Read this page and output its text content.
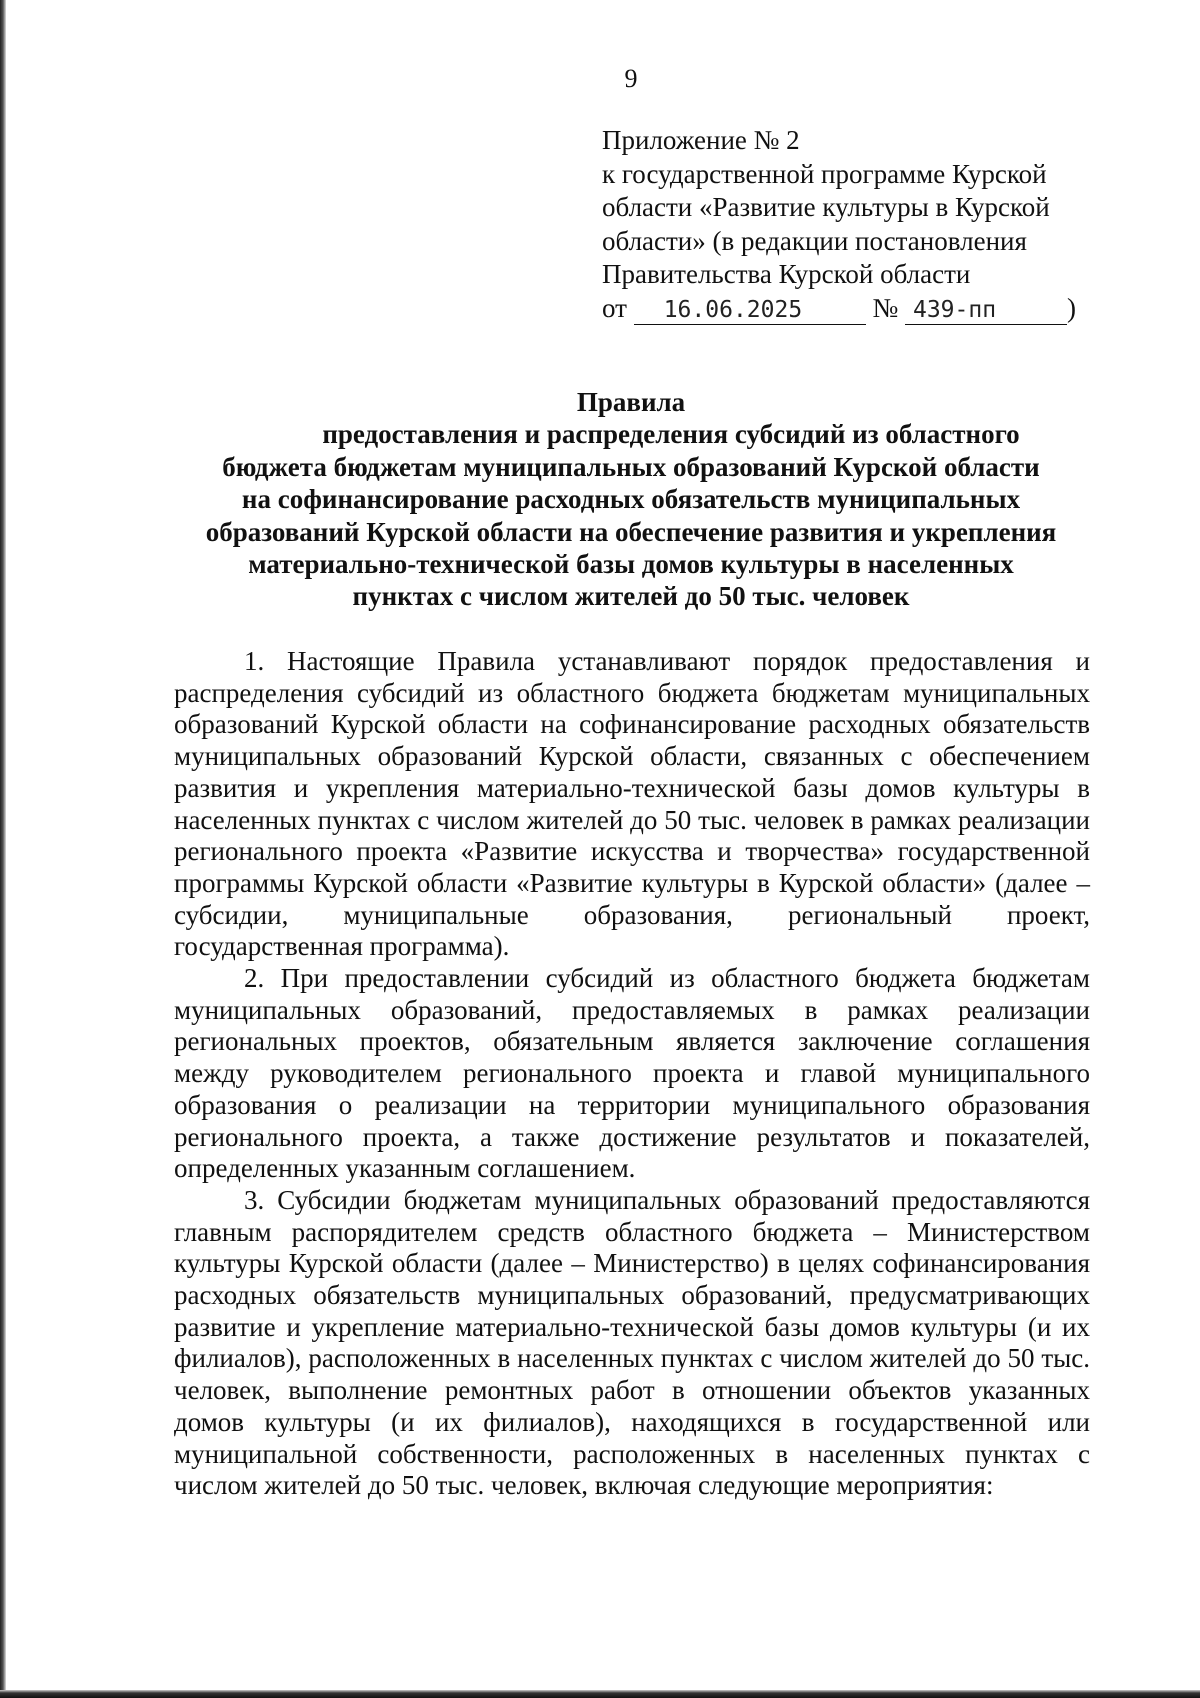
9
Приложение № 2
к государственной программе Курской
области «Развитие культуры в Курской
области» (в редакции постановления
Правительства Курской области
от 16.06.2025	№ 439-пп	)
Правила
предоставления и распределения субсидий из областного
бюджета бюджетам муниципальных образований Курской области
на софинансирование расходных обязательств муниципальных
образований Курской области на обеспечение развития и укрепления
материально-технической базы домов культуры в населенных
пунктах с числом жителей до 50 тыс. человек

1. Настоящие Правила устанавливают порядок предоставления и распределения субсидий из областного бюджета бюджетам муниципальных образований Курской области на софинансирование расходных обязательств муниципальных образований Курской области, связанных с обеспечением развития и укрепления материально-технической базы домов культуры в населенных пунктах с числом жителей до 50 тыс. человек в рамках реализации регионального проекта «Развитие искусства и творчества» государственной программы Курской области «Развитие культуры в Курской области» (далее – субсидии, муниципальные образования, региональный проект, государственная программа).

2. При предоставлении субсидий из областного бюджета бюджетам муниципальных образований, предоставляемых в рамках реализации региональных проектов, обязательным является заключение соглашения между руководителем регионального проекта и главой муниципального образования о реализации на территории муниципального образования регионального проекта, а также достижение результатов и показателей, определенных указанным соглашением.

3. Субсидии бюджетам муниципальных образований предоставляются главным распорядителем средств областного бюджета – Министерством культуры Курской области (далее – Министерство) в целях софинансирования расходных обязательств муниципальных образований, предусматривающих развитие и укрепление материально-технической базы домов культуры (и их филиалов), расположенных в населенных пунктах с числом жителей до 50 тыс. человек, выполнение ремонтных работ в отношении объектов указанных домов культуры (и их филиалов), находящихся в государственной или муниципальной собственности, расположенных в населенных пунктах с числом жителей до 50 тыс. человек, включая следующие мероприятия:
